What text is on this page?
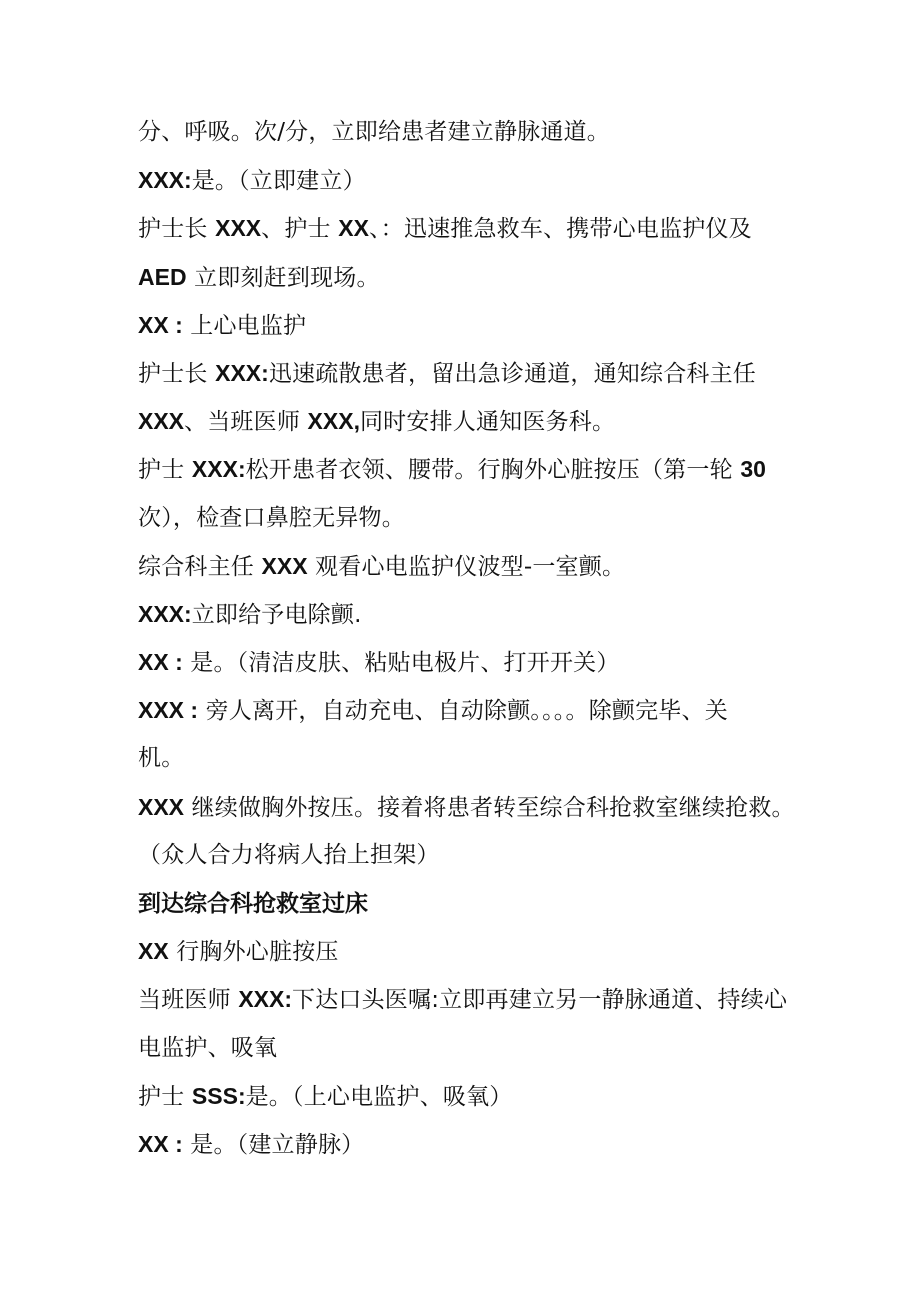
分、呼吸。次/分，立即给患者建立静脉通道。
XXX:是。（立即建立）
护士长 XXX、护士 XX、：迅速推急救车、携带心电监护仪及
AED 立即刻赶到现场。
XX : 上心电监护
护士长 XXX:迅速疏散患者，留出急诊通道，通知综合科主任
XXX、当班医师 XXX,同时安排人通知医务科。
护士 XXX:松开患者衣领、腰带。行胸外心脏按压（第一轮 30
次），检查口鼻腔无异物。
综合科主任 XXX 观看心电监护仪波型-一室颤。
XXX:立即给予电除颤.
XX : 是。（清洁皮肤、粘贴电极片、打开开关）
XXX : 旁人离开，自动充电、自动除颤。。。。除颤完毕、关
机。
XXX 继续做胸外按压。接着将患者转至综合科抢救室继续抢救。
（众人合力将病人抬上担架）
到达综合科抢救室过床
XX 行胸外心脏按压
当班医师 XXX:下达口头医嘱:立即再建立另一静脉通道、持续心
电监护、吸氧
护士 SSS:是。（上心电监护、吸氧）
XX : 是。（建立静脉）
